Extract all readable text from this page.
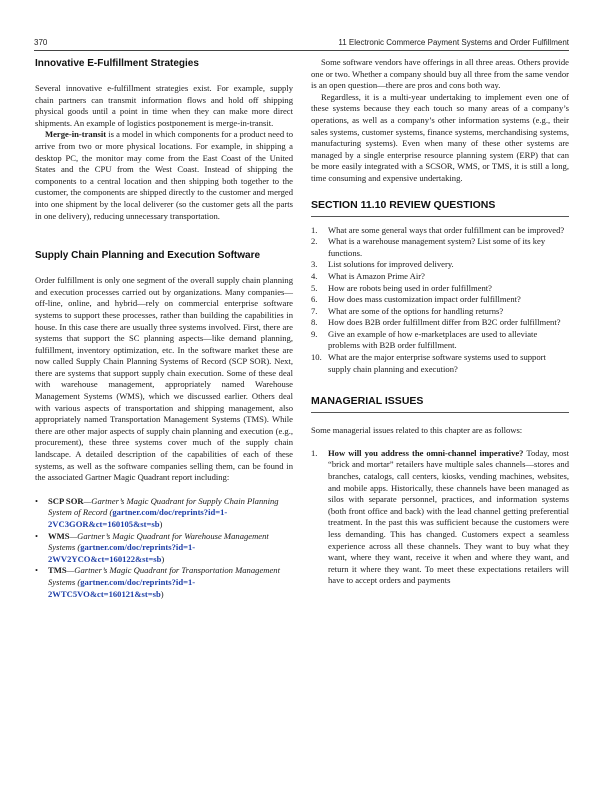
370	11 Electronic Commerce Payment Systems and Order Fulfillment
Innovative E-Fulfillment Strategies

Several innovative e-fulfillment strategies exist. For example, supply chain partners can transmit information flows and hold off shipping physical goods until a point in time when they can make more direct shipments. An example of logistics postponement is merge-in-transit.

Merge-in-transit is a model in which components for a product need to arrive from two or more physical locations. For example, in shipping a desktop PC, the monitor may come from the East Coast of the United States and the CPU from the West Coast. Instead of shipping the components to a central location and then shipping both together to the customer, the components are shipped directly to the customer and merged into one shipment by the local deliverer (so the customer gets all the parts in one delivery), reducing unnecessary transportation.

Supply Chain Planning and Execution Software

Order fulfillment is only one segment of the overall supply chain planning and execution processes carried out by organizations. Many companies—off-line, online, and hybrid—rely on commercial enterprise software systems to support these processes, rather than building the capabilities in house. In this case there are usually three systems involved. First, there are systems that support the SC planning aspects—like demand planning, fulfillment, inventory optimization, etc. In the software market these are now called Supply Chain Planning Systems of Record (SCP SOR). Next, there are systems that support supply chain execution. Some of these deal with warehouse management, appropriately named Warehouse Management Systems (WMS), which we discussed earlier. Others deal with various aspects of transportation and shipping management, also appropriately named Transportation Management Systems (TMS). While there are other major aspects of supply chain planning and execution (e.g., procurement), these three systems cover much of the supply chain landscape. A detailed description of the capabilities of each of these systems, as well as the software companies selling them, can be found in the associated Gartner Magic Quadrant report including:

• SCP SOR—Gartner’s Magic Quadrant for Supply Chain Planning System of Record (gartner.com/doc/reprints?id=1-2VC3GOR&ct=160105&st=sb)
• WMS—Gartner’s Magic Quadrant for Warehouse Management Systems (gartner.com/doc/reprints?id=1-2WV2YCO&ct=160122&st=sb)
• TMS—Gartner’s Magic Quadrant for Transportation Management Systems (gartner.com/doc/reprints?id=1-2WTC5VO&ct=160121&st=sb)

Some software vendors have offerings in all three areas. Others provide one or two. Whether a company should buy all three from the same vendor is an open question—there are pros and cons both way.

Regardless, it is a multi-year undertaking to implement even one of these systems because they each touch so many areas of a company’s operations, as well as a company’s other information systems (e.g., their sales systems, customer systems, finance systems, merchandising systems, manufacturing systems). Even when many of these other systems are managed by a single enterprise resource planning system (ERP) that can be more easily integrated with a SCSOR, WMS, or TMS, it is still a long, time consuming and expensive undertaking.

SECTION 11.10 REVIEW QUESTIONS
1.	What are some general ways that order fulfillment can be improved?
2.	What is a warehouse management system? List some of its key functions.
3.	List solutions for improved delivery.
4.	What is Amazon Prime Air?
5.	How are robots being used in order fulfillment?
6.	How does mass customization impact order fulfillment?
7.	What are some of the options for handling returns?
8.	How does B2B order fulfillment differ from B2C order fulfillment?
9.	Give an example of how e-marketplaces are used to alleviate problems with B2B order fulfillment.
10. What are the major enterprise software systems used to support supply chain planning and execution?
MANAGERIAL ISSUES

Some managerial issues related to this chapter are as follows:

1. How will you address the omni-channel imperative? Today, most “brick and mortar” retailers have multiple sales channels—stores and branches, catalogs, call centers, kiosks, vending machines, websites, and mobile apps. Historically, these channels have been managed as silos with separate personnel, practices, and information systems (both front office and back) with the lead channel getting preferential treatment. In the past this was sufficient because the customers were less demanding. This has changed. Customers expect a seamless experience across all these channels. They want to buy what they want, where they want, receive it when and where they want, and return it where they want. To meet these expectations retailers will have to accept orders and payments
